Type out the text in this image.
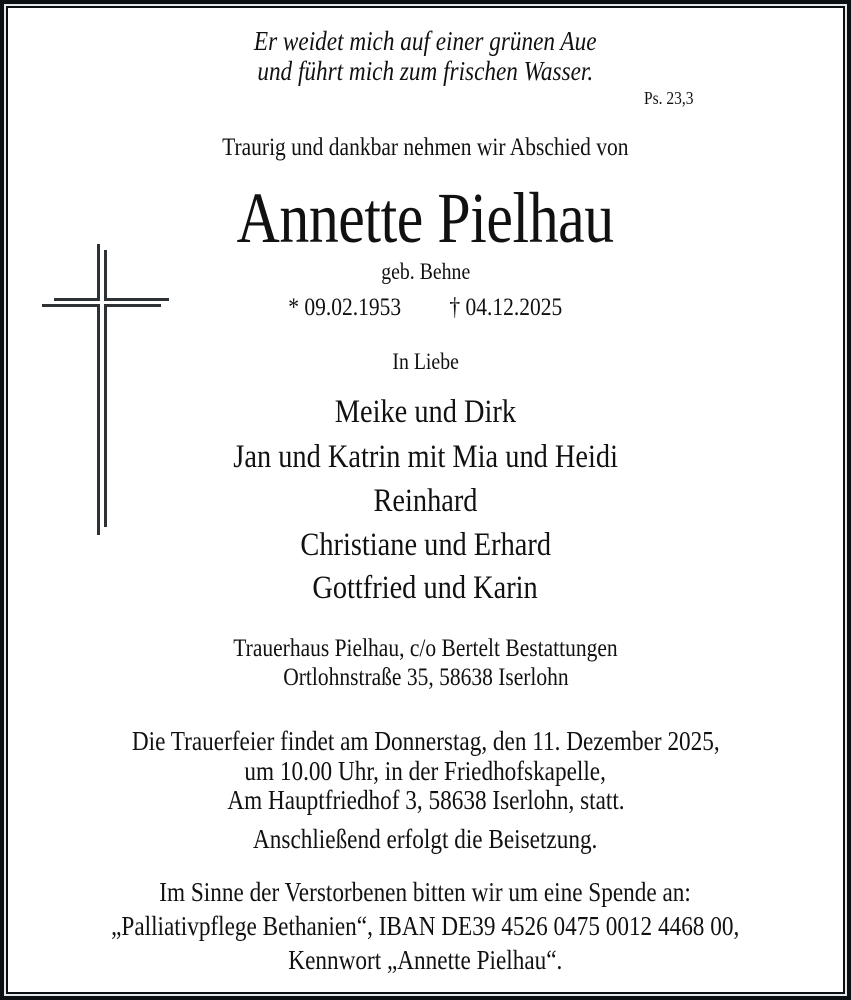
Er weidet mich auf einer grünen Aue
und führt mich zum frischen Wasser.
Ps. 23,3
Traurig und dankbar nehmen wir Abschied von
Annette Pielhau
geb. Behne
* 09.02.1953 † 04.12.2025
In Liebe
Meike und Dirk
Jan und Katrin mit Mia und Heidi
Reinhard
Christiane und Erhard
Gottfried und Karin
Trauerhaus Pielhau, c/o Bertelt Bestattungen
Ortlohnstraße 35, 58638 Iserlohn
Die Trauerfeier findet am Donnerstag, den 11. Dezember 2025,
um 10.00 Uhr, in der Friedhofskapelle,
Am Hauptfriedhof 3, 58638 Iserlohn, statt.
Anschließend erfolgt die Beisetzung.
Im Sinne der Verstorbenen bitten wir um eine Spende an:
„Palliativpflege Bethanien“, IBAN DE39 4526 0475 0012 4468 00,
Kennwort „Annette Pielhau“.
